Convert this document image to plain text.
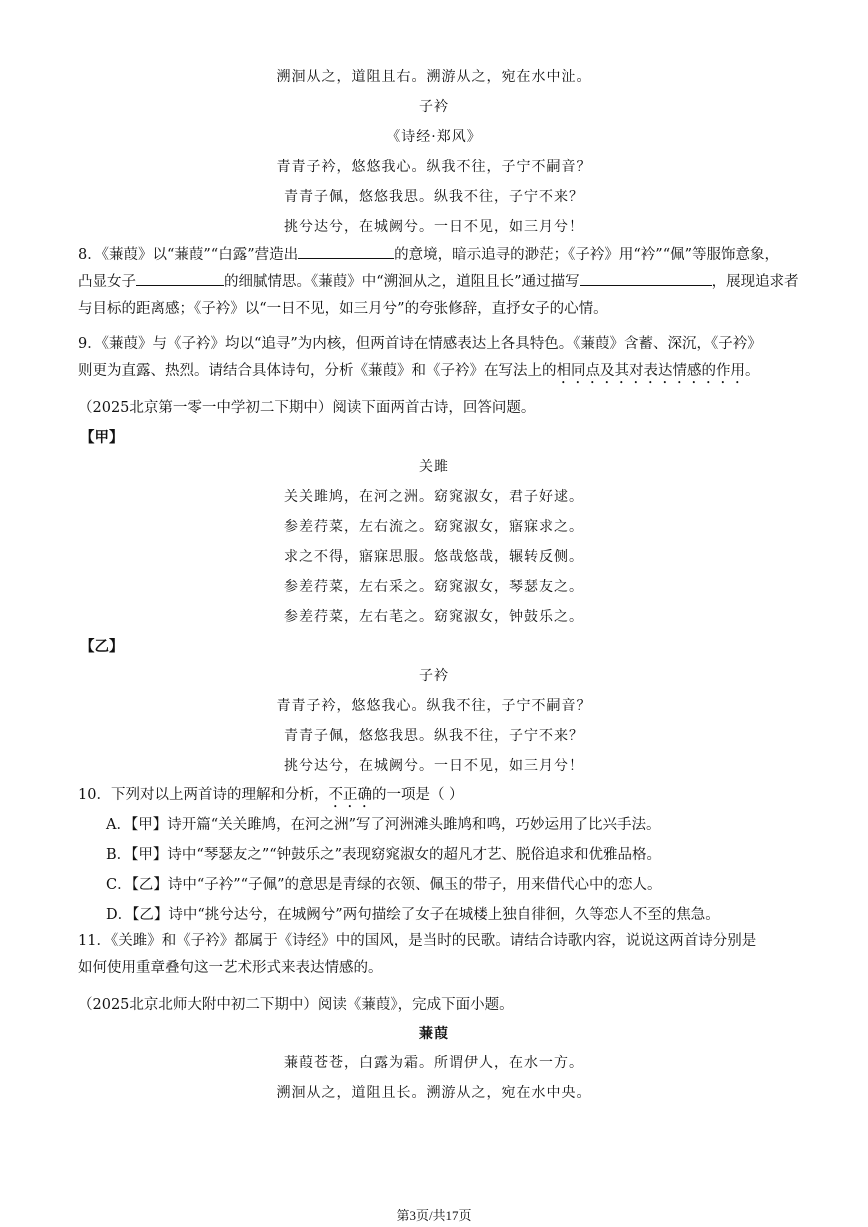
溯洄从之，道阻且右。溯游从之，宛在水中沚。
子衿
《诗经·郑风》
青青子衿，悠悠我心。纵我不往，子宁不嗣音？
青青子佩，悠悠我思。纵我不往，子宁不来？
挑兮达兮，在城阙兮。一日不见，如三月兮！
8．《蒹葭》以“蒹葭”“白露”营造出	的意境，暗示追寻的渺茫；《子衿》用“衿”“佩”等服饰意象，
凸显女子	的细腻情思。《蒹葭》中“溯洄从之，道阻且长”通过描写	，展现追求者
与目标的距离感；《子衿》以“一日不见，如三月兮”的夸张修辞，直抒女子的心情。
9．《蒹葭》与《子衿》均以“追寻”为内核，但两首诗在情感表达上各具特色。《蒹葭》含蓄、深沉，《子衿》
则更为直露、热烈。请结合具体诗句，分析《蒹葭》和《子衿》在写法上的相同点及其对表达情感的作用。
（2025北京第一零一中学初二下期中）阅读下面两首古诗，回答问题。
【甲】
关雎
关关雎鸠，在河之洲。窈窕淑女，君子好逑。
参差荇菜，左右流之。窈窕淑女，寤寐求之。
求之不得，寤寐思服。悠哉悠哉，辗转反侧。
参差荇菜，左右采之。窈窕淑女，琴瑟友之。
参差荇菜，左右芼之。窈窕淑女，钟鼓乐之。
【乙】
子衿
青青子衿，悠悠我心。纵我不往，子宁不嗣音？
青青子佩，悠悠我思。纵我不往，子宁不来？
挑兮达兮，在城阙兮。一日不见，如三月兮！
10．下列对以上两首诗的理解和分析，不正确的一项是（ ）
A．【甲】诗开篇“关关雎鸠，在河之洲”写了河洲滩头雎鸠和鸣，巧妙运用了比兴手法。
B．【甲】诗中“琴瑟友之”“钟鼓乐之”表现窈窕淑女的超凡才艺、脱俗追求和优雅品格。
C．【乙】诗中“子衿”“子佩”的意思是青绿的衣领、佩玉的带子，用来借代心中的恋人。
D．【乙】诗中“挑兮达兮，在城阙兮”两句描绘了女子在城楼上独自徘徊，久等恋人不至的焦急。
11．《关雎》和《子衿》都属于《诗经》中的国风，是当时的民歌。请结合诗歌内容，说说这两首诗分别是
如何使用重章叠句这一艺术形式来表达情感的。
（2025北京北师大附中初二下期中）阅读《蒹葭》，完成下面小题。
蒹葭
蒹葭苍苍，白露为霜。所谓伊人，在水一方。
溯洄从之，道阻且长。溯游从之，宛在水中央。
第3页/共17页
